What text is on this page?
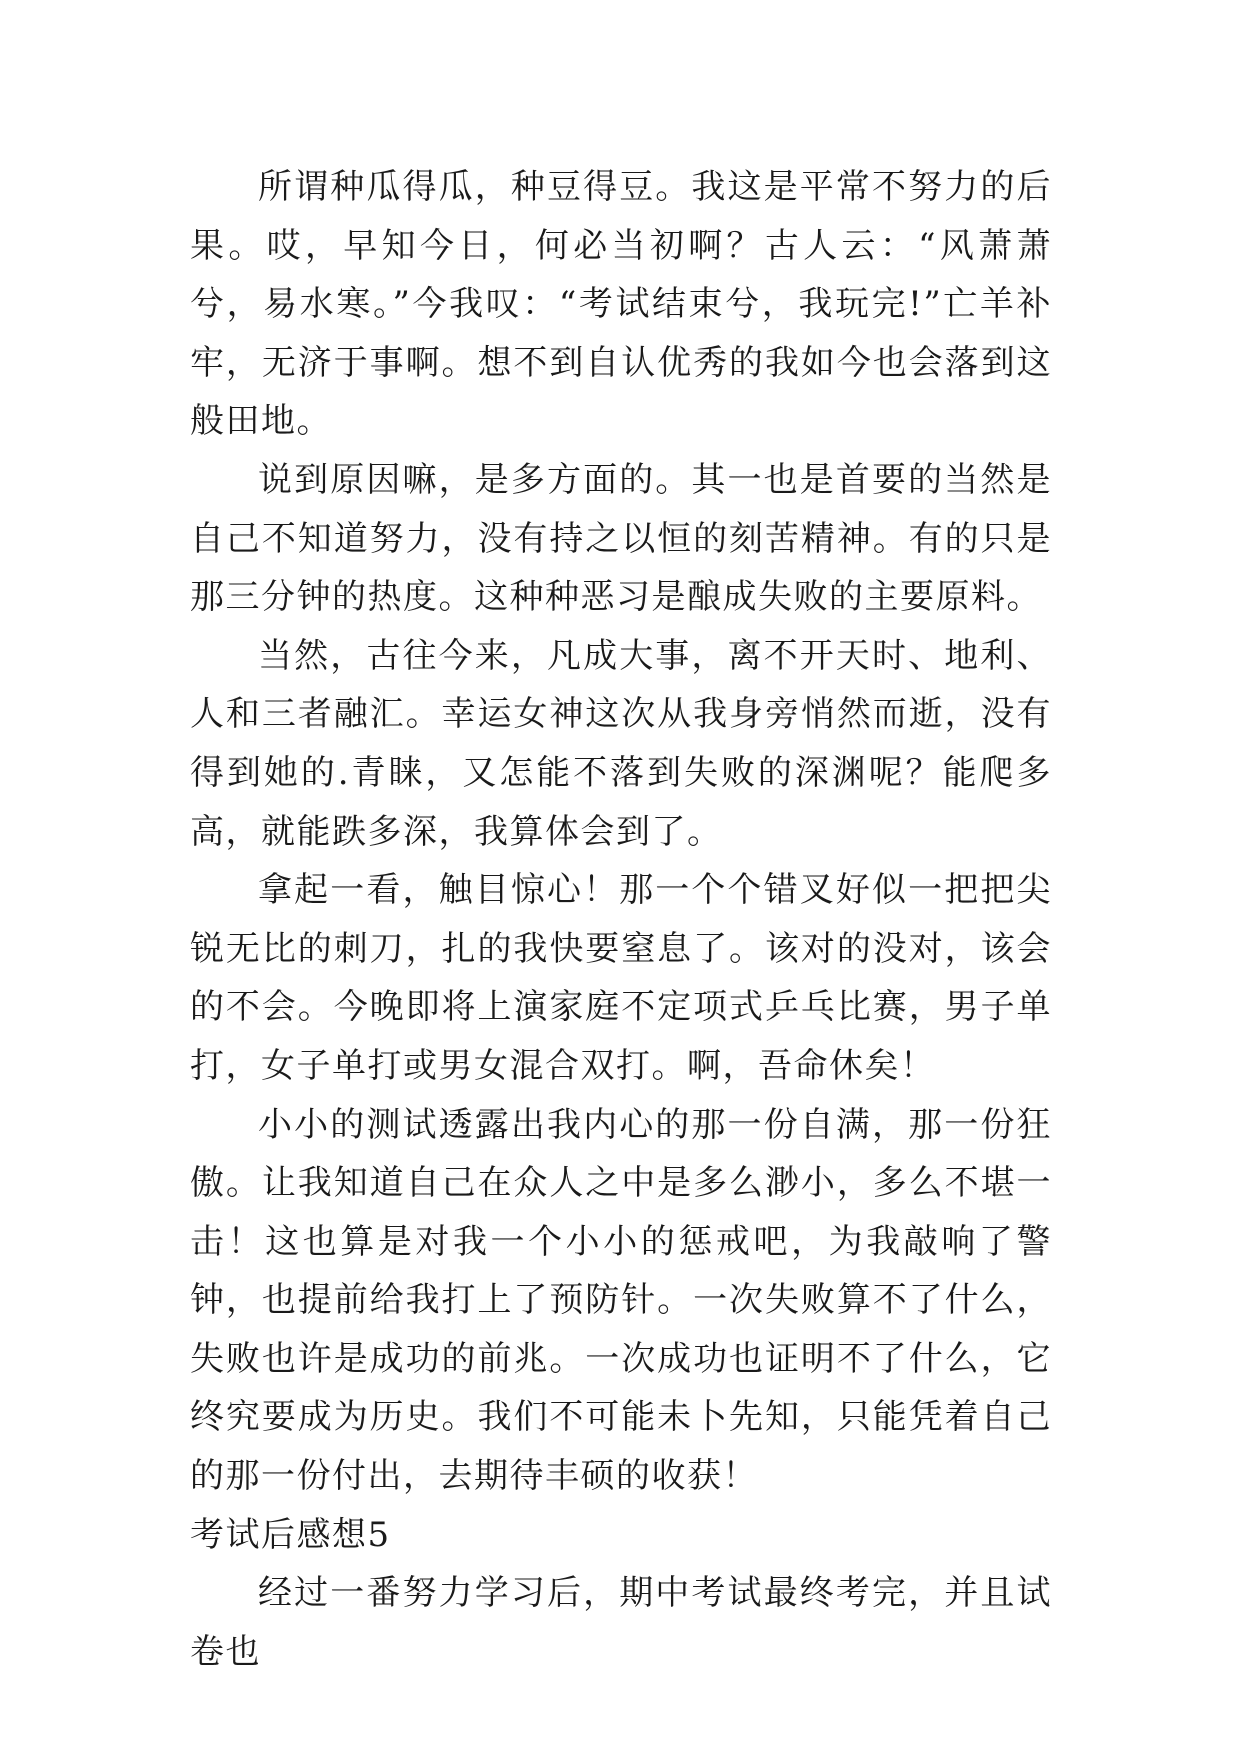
所谓种瓜得瓜，种豆得豆。我这是平常不努力的后果。哎，早知今日，何必当初啊？古人云：“风萧萧兮，易水寒。”今我叹：“考试结束兮，我玩完!”亡羊补牢，无济于事啊。想不到自认优秀的我如今也会落到这般田地。

说到原因嘛，是多方面的。其一也是首要的当然是自己不知道努力，没有持之以恒的刻苦精神。有的只是那三分钟的热度。这种种恶习是酿成失败的主要原料。

当然，古往今来，凡成大事，离不开天时、地利、人和三者融汇。幸运女神这次从我身旁悄然而逝，没有得到她的.青睐，又怎能不落到失败的深渊呢？能爬多高，就能跌多深，我算体会到了。

拿起一看，触目惊心！那一个个错叉好似一把把尖锐无比的刺刀，扎的我快要窒息了。该对的没对，该会的不会。今晚即将上演家庭不定项式乒乓比赛，男子单打，女子单打或男女混合双打。啊，吾命休矣！

小小的测试透露出我内心的那一份自满，那一份狂傲。让我知道自己在众人之中是多么渺小，多么不堪一击！这也算是对我一个小小的惩戒吧，为我敲响了警钟，也提前给我打上了预防针。一次失败算不了什么，失败也许是成功的前兆。一次成功也证明不了什么，它终究要成为历史。我们不可能未卜先知，只能凭着自己的那一份付出，去期待丰硕的收获！

考试后感想5

经过一番努力学习后，期中考试最终考完，并且试卷也
